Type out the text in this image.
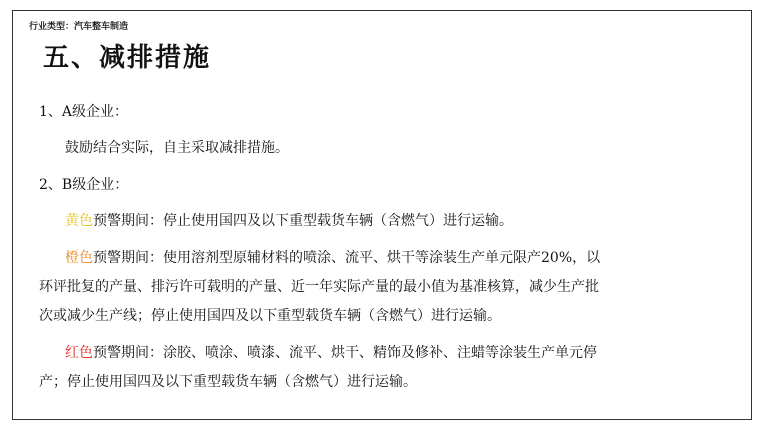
行业类型：汽车整车制造
五、减排措施
1、A级企业：
鼓励结合实际，自主采取减排措施。
2、B级企业：
黄色预警期间：停止使用国四及以下重型载货车辆（含燃气）进行运输。
橙色预警期间：使用溶剂型原辅材料的喷涂、流平、烘干等涂装生产单元限产20%，以
环评批复的产量、排污许可载明的产量、近一年实际产量的最小值为基准核算，减少生产批
次或减少生产线；停止使用国四及以下重型载货车辆（含燃气）进行运输。
红色预警期间：涂胶、喷涂、喷漆、流平、烘干、精饰及修补、注蜡等涂装生产单元停
产；停止使用国四及以下重型载货车辆（含燃气）进行运输。
